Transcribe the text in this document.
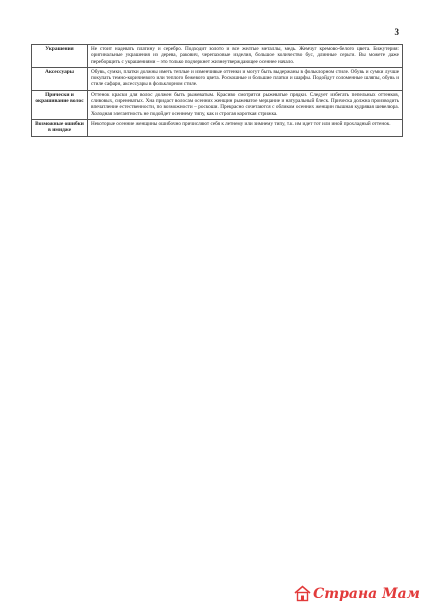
3
Украшения	Не стоит надевать платину и серебро. Подходит золото и все желтые металлы, медь. Жемчуг кремово-белого цвета. Бижутерия: оригинальные украшения из дерева, ракович, черепаховые изделия, большое количество бус, длинные серьги. Вы можете даже переборщить с украшениями – это только подчеркнет жизнеутверждающее осеннее начало.
Аксессуары	Обувь, сумки, платки должны иметь теплые и изменчивые оттенки и могут быть выдержаны в фольклорном стиле. Обувь и сумки лучше покупать темно-коричневого или теплого бежевого цвета. Роскошные и большие платки и шарфы. Подойдут соломенные шляпы, обувь и стиле сафари, аксессуары в фольклорном стиле.
Прически и окрашивание волос	Оттенок краски для волос должен быть рыжеватым. Красиво смотрятся рыжеватые прядки. Следует избегать пепельных оттенков, сливовых, сиреневатых. Хна придаст волосам осенних женщин рыжеватое мерцание и натуральный блеск. Прическа должна производить впечатление естественности, по возможности – роскоши. Прекрасно сочетаются с обликом осенних женщин пышная кудрявая шевелюра. Холодная элегантность не подойдет осеннему типу, как и строгая короткая стрижка.
Возможные ошибки в имидже	Некоторые осенние женщины ошибочно причисляют себя к летнему или зимнему типу, т.к. им идет тот или иной прохладный оттенок.
Страна Мам
